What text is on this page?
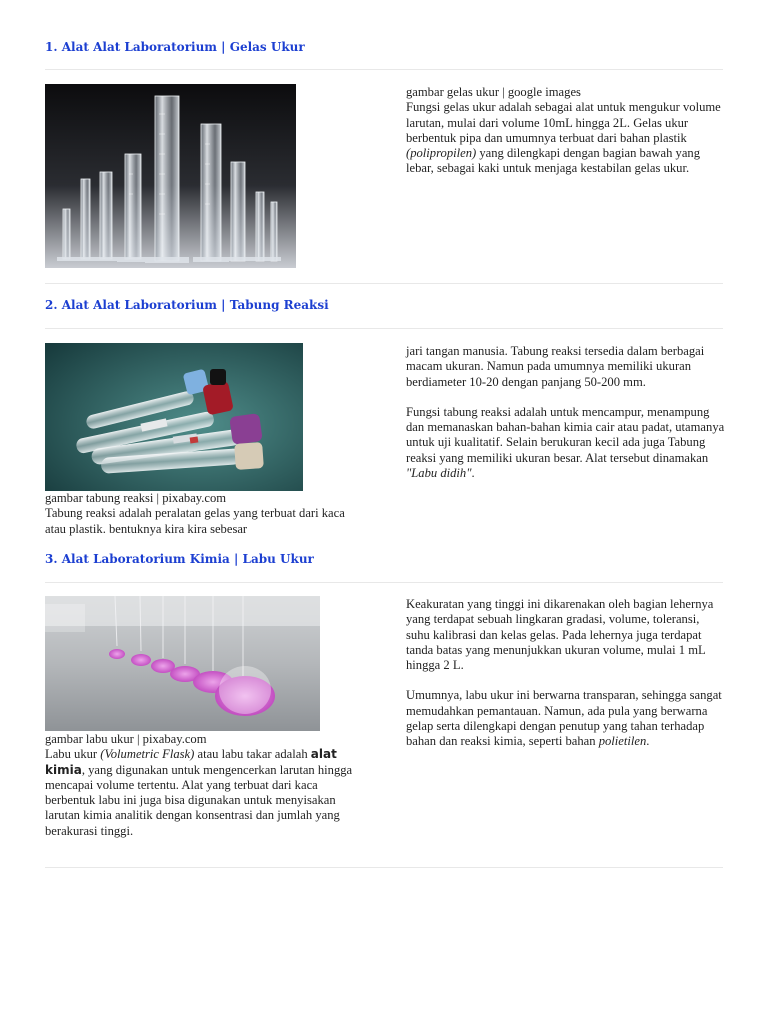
1. Alat Alat Laboratorium | Gelas Ukur

gambar gelas ukur | google images

Fungsi gelas ukur adalah sebagai alat untuk mengukur volume larutan, mulai dari volume 10mL hingga 2L. Gelas ukur berbentuk pipa dan umumnya terbuat dari bahan plastik (polipropilen) yang dilengkapi dengan bagian bawah yang lebar, sebagai kaki untuk menjaga kestabilan gelas ukur.

2. Alat Alat Laboratorium | Tabung Reaksi

gambar tabung reaksi | pixabay.com

Tabung reaksi adalah peralatan gelas yang terbuat dari kaca atau plastik. bentuknya kira kira sebesar

jari tangan manusia. Tabung reaksi tersedia dalam berbagai macam ukuran. Namun pada umumnya memiliki ukuran berdiameter 10-20 dengan panjang 50-200 mm.

Fungsi tabung reaksi adalah untuk mencampur, menampung dan memanaskan bahan-bahan kimia cair atau padat, utamanya untuk uji kualitatif. Selain berukuran kecil ada juga Tabung reaksi yang memiliki ukuran besar. Alat tersebut dinamakan "Labu didih".

3. Alat Laboratorium Kimia | Labu Ukur

gambar labu ukur | pixabay.com

Labu ukur (Volumetric Flask) atau labu takar adalah alat kimia, yang digunakan untuk mengencerkan larutan hingga mencapai volume tertentu. Alat yang terbuat dari kaca berbentuk labu ini juga bisa digunakan untuk menyisakan larutan kimia analitik dengan konsentrasi dan jumlah yang berakurasi tinggi.

Keakuratan yang tinggi ini dikarenakan oleh bagian lehernya yang terdapat sebuah lingkaran gradasi, volume, toleransi, suhu kalibrasi dan kelas gelas. Pada lehernya juga terdapat tanda batas yang menunjukkan ukuran volume, mulai 1 mL hingga 2 L.

Umumnya, labu ukur ini berwarna transparan, sehingga sangat memudahkan pemantauan. Namun, ada pula yang berwarna gelap serta dilengkapi dengan penutup yang tahan terhadap bahan dan reaksi kimia, seperti bahan polietilen.
